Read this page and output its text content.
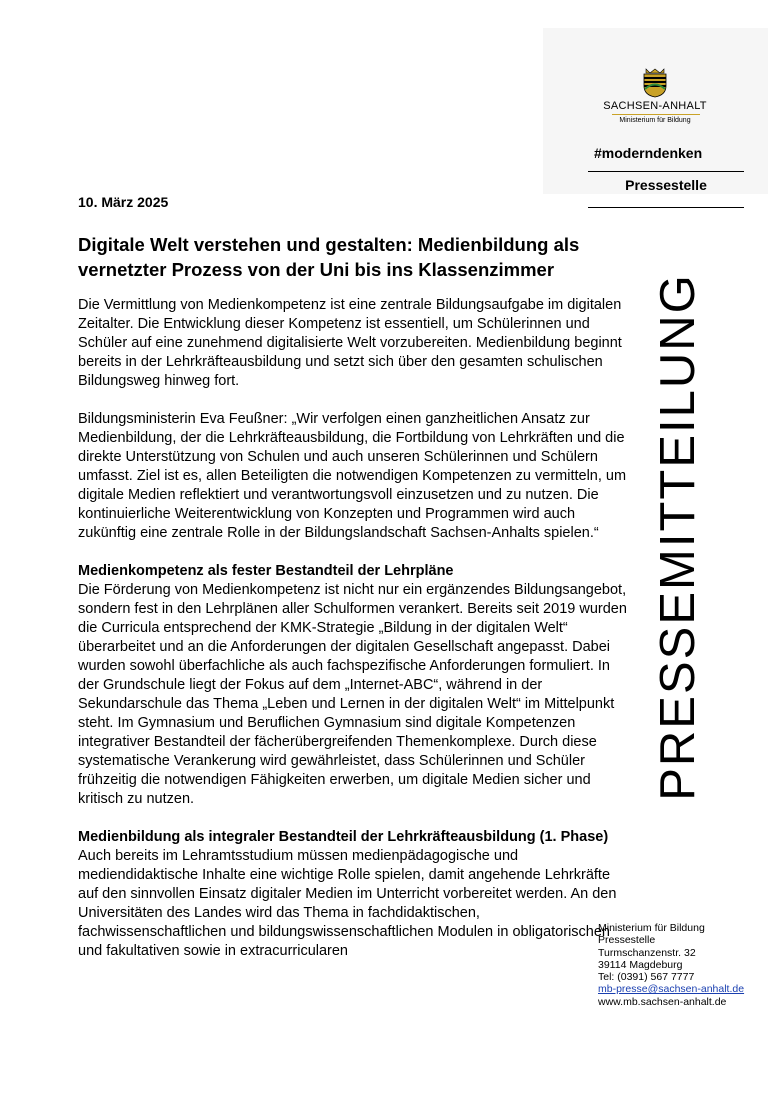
SACHSEN-ANHALT
Ministerium für Bildung
#moderndenken
Pressestelle
PRESSEMITTEILUNG
10. März 2025
Digitale Welt verstehen und gestalten: Medienbildung als vernetzter Prozess von der Uni bis ins Klassenzimmer

Die Vermittlung von Medienkompetenz ist eine zentrale Bildungsaufgabe im digitalen Zeitalter. Die Entwicklung dieser Kompetenz ist essentiell, um Schülerinnen und Schüler auf eine zunehmend digitalisierte Welt vorzubereiten. Medienbildung beginnt bereits in der Lehrkräfteausbildung und setzt sich über den gesamten schulischen Bildungsweg hinweg fort.

Bildungsministerin Eva Feußner: „Wir verfolgen einen ganzheitlichen Ansatz zur Medienbildung, der die Lehrkräfteausbildung, die Fortbildung von Lehrkräften und die direkte Unterstützung von Schulen und auch unseren Schülerinnen und Schülern umfasst. Ziel ist es, allen Beteiligten die notwendigen Kompetenzen zu vermitteln, um digitale Medien reflektiert und verantwortungsvoll einzusetzen und zu nutzen. Die kontinuierliche Weiterentwicklung von Konzepten und Programmen wird auch zukünftig eine zentrale Rolle in der Bildungslandschaft Sachsen-Anhalts spielen.“

Medienkompetenz als fester Bestandteil der Lehrpläne

Die Förderung von Medienkompetenz ist nicht nur ein ergänzendes Bildungsangebot, sondern fest in den Lehrplänen aller Schulformen verankert. Bereits seit 2019 wurden die Curricula entsprechend der KMK-Strategie „Bildung in der digitalen Welt“ überarbeitet und an die Anforderungen der digitalen Gesellschaft angepasst. Dabei wurden sowohl überfachliche als auch fachspezifische Anforderungen formuliert. In der Grundschule liegt der Fokus auf dem „Internet-ABC“, während in der Sekundarschule das Thema „Leben und Lernen in der digitalen Welt“ im Mittelpunkt steht. Im Gymnasium und Beruflichen Gymnasium sind digitale Kompetenzen integrativer Bestandteil der fächerübergreifenden Themenkomplexe. Durch diese systematische Verankerung wird gewährleistet, dass Schülerinnen und Schüler frühzeitig die notwendigen Fähigkeiten erwerben, um digitale Medien sicher und kritisch zu nutzen.

Medienbildung als integraler Bestandteil der Lehrkräfteausbildung (1. Phase)

Auch bereits im Lehramtsstudium müssen medienpädagogische und mediendidaktische Inhalte eine wichtige Rolle spielen, damit angehende Lehrkräfte auf den sinnvollen Einsatz digitaler Medien im Unterricht vorbereitet werden. An den Universitäten des Landes wird das Thema in fachdidaktischen, fachwissenschaftlichen und bildungswissenschaftlichen Modulen in obligatorischen und fakultativen sowie in extracurricularen

Ministerium für Bildung
Pressestelle
Turmschanzenstr. 32
39114 Magdeburg
Tel: (0391) 567 7777
mb-presse@sachsen-anhalt.de
www.mb.sachsen-anhalt.de
